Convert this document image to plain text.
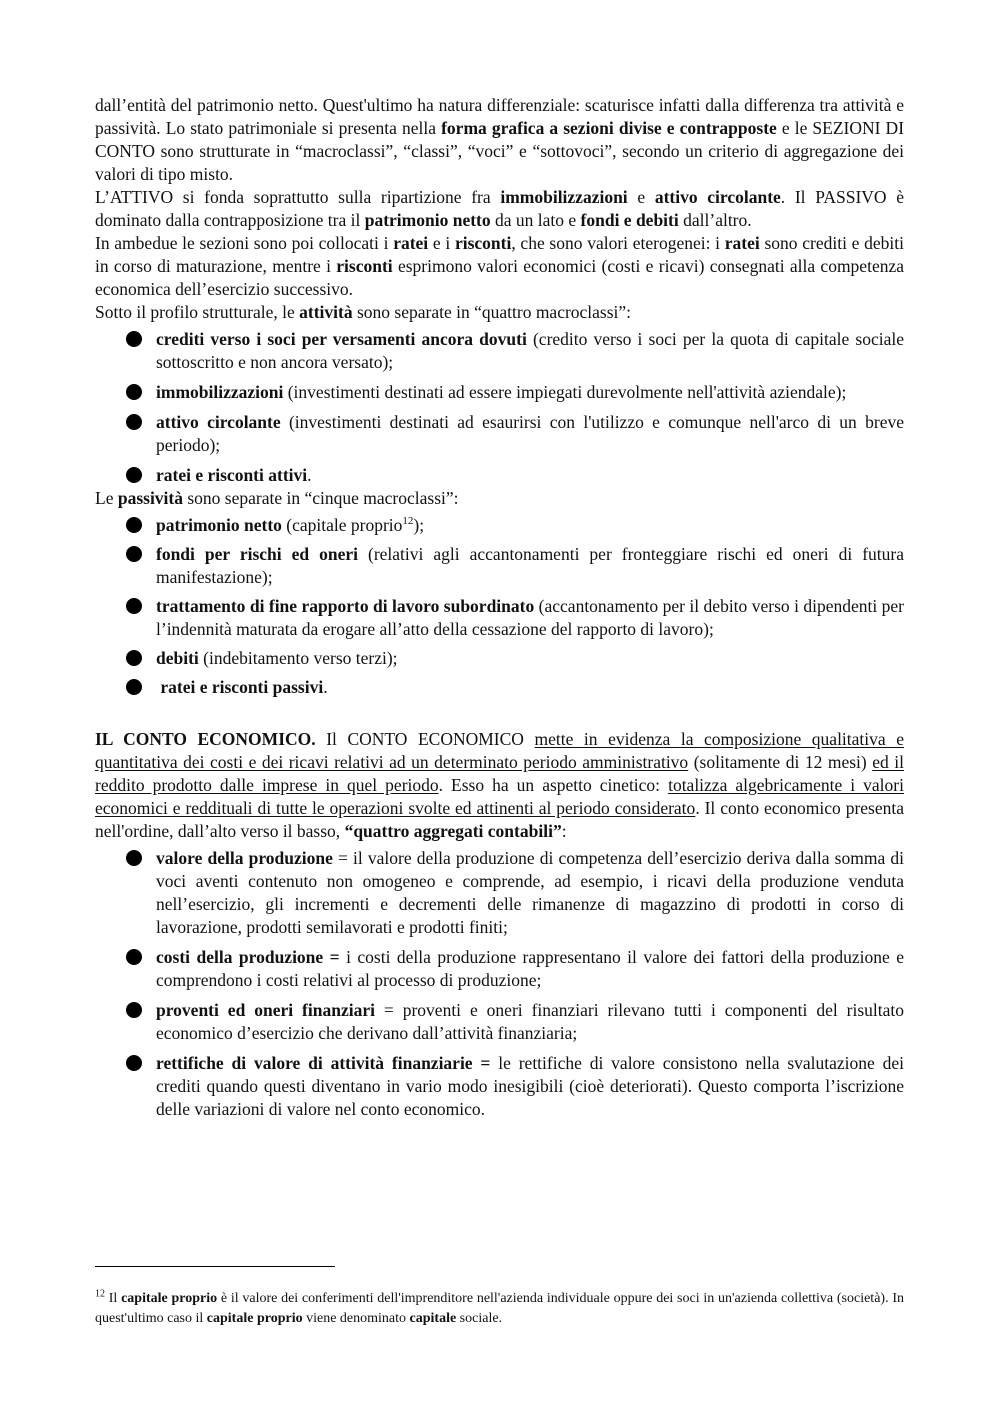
dall’entità del patrimonio netto. Quest'ultimo ha natura differenziale: scaturisce infatti dalla differenza tra attività e passività. Lo stato patrimoniale si presenta nella forma grafica a sezioni divise e contrapposte e le SEZIONI DI CONTO sono strutturate in “macroclassi”, “classi”, “voci” e “sottovoci”, secondo un criterio di aggregazione dei valori di tipo misto.

L’ATTIVO si fonda soprattutto sulla ripartizione fra immobilizzazioni e attivo circolante. Il PASSIVO è dominato dalla contrapposizione tra il patrimonio netto da un lato e fondi e debiti dall’altro.

In ambedue le sezioni sono poi collocati i ratei e i risconti, che sono valori eterogenei: i ratei sono crediti e debiti in corso di maturazione, mentre i risconti esprimono valori economici (costi e ricavi) consegnati alla competenza economica dell’esercizio successivo.

Sotto il profilo strutturale, le attività sono separate in “quattro macroclassi”:

crediti verso i soci per versamenti ancora dovuti (credito verso i soci per la quota di capitale sociale sottoscritto e non ancora versato);
immobilizzazioni (investimenti destinati ad essere impiegati durevolmente nell'attività aziendale);
attivo circolante (investimenti destinati ad esaurirsi con l'utilizzo e comunque nell'arco di un breve periodo);
ratei e risconti attivi.

Le passività sono separate in “cinque macroclassi”:

patrimonio netto (capitale proprio$^{12}$);
fondi per rischi ed oneri (relativi agli accantonamenti per fronteggiare rischi ed oneri di futura manifestazione);
trattamento di fine rapporto di lavoro subordinato (accantonamento per il debito verso i dipendenti per l’indennità maturata da erogare all’atto della cessazione del rapporto di lavoro);
debiti (indebitamento verso terzi);
ratei e risconti passivi.

IL CONTO ECONOMICO. Il CONTO ECONOMICO mette in evidenza la composizione qualitativa e quantitativa dei costi e dei ricavi relativi ad un determinato periodo amministrativo (solitamente di 12 mesi) ed il reddito prodotto dalle imprese in quel periodo. Esso ha un aspetto cinetico: totalizza algebricamente i valori economici e reddituali di tutte le operazioni svolte ed attinenti al periodo considerato. Il conto economico presenta nell'ordine, dall’alto verso il basso, “quattro aggregati contabili”:

valore della produzione = il valore della produzione di competenza dell’esercizio deriva dalla somma di voci aventi contenuto non omogeneo e comprende, ad esempio, i ricavi della produzione venduta nell’esercizio, gli incrementi e decrementi delle rimanenze di magazzino di prodotti in corso di lavorazione, prodotti semilavorati e prodotti finiti;
costi della produzione = i costi della produzione rappresentano il valore dei fattori della produzione e comprendono i costi relativi al processo di produzione;
proventi ed oneri finanziari = proventi e oneri finanziari rilevano tutti i componenti del risultato economico d’esercizio che derivano dall’attività finanziaria;
rettifiche di valore di attività finanziarie = le rettifiche di valore consistono nella svalutazione dei crediti quando questi diventano in vario modo inesigibili (cioè deteriorati). Questo comporta l’iscrizione delle variazioni di valore nel conto economico.

$^{12}$ Il capitale proprio è il valore dei conferimenti dell'imprenditore nell'azienda individuale oppure dei soci in un'azienda collettiva (società). In quest'ultimo caso il capitale proprio viene denominato capitale sociale.
